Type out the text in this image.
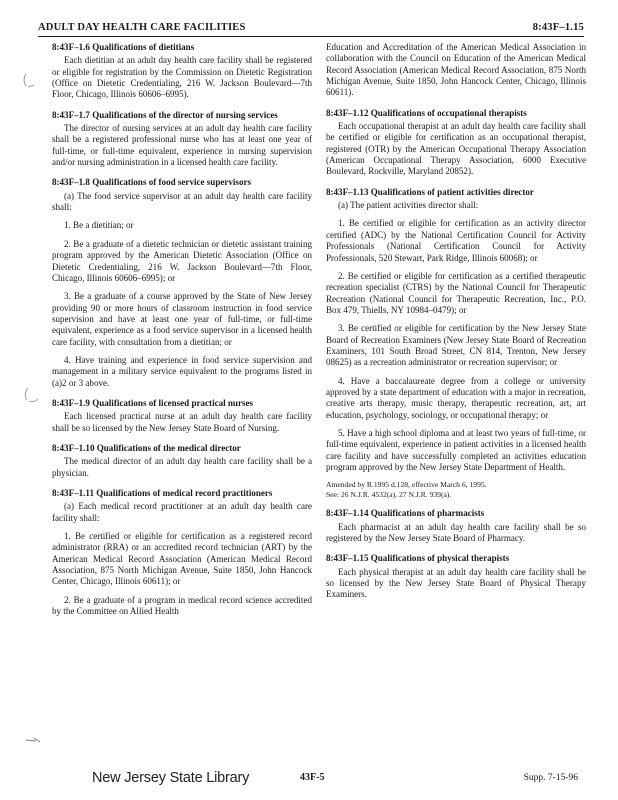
ADULT DAY HEALTH CARE FACILITIES	8:43F–1.15
8:43F–1.6 Qualifications of dietitians
Each dietitian at an adult day health care facility shall be registered or eligible for registration by the Commission on Dietetic Registration (Office on Dietetic Credentialing, 216 W. Jackson Boulevard—7th Floor, Chicago, Illinois 60606–6995).
8:43F–1.7 Qualifications of the director of nursing services
The director of nursing services at an adult day health care facility shall be a registered professional nurse who has at least one year of full-time, or full-time equivalent, experience in nursing supervision and/or nursing administration in a licensed health care facility.
8:43F–1.8 Qualifications of food service supervisors
(a) The food service supervisor at an adult day health care facility shall:
1. Be a dietitian; or
2. Be a graduate of a dietetic technician or dietetic assistant training program approved by the American Dietetic Association (Office on Dietetic Credentialing, 216 W. Jackson Boulevard—7th Floor, Chicago, Illinois 60606–6995); or
3. Be a graduate of a course approved by the State of New Jersey providing 90 or more hours of classroom instruction in food service supervision and have at least one year of full-time, or full-time equivalent, experience as a food service supervisor in a licensed health care facility, with consultation from a dietitian; or
4. Have training and experience in food service supervision and management in a military service equivalent to the programs listed in (a)2 or 3 above.
8:43F–1.9 Qualifications of licensed practical nurses
Each licensed practical nurse at an adult day health care facility shall be so licensed by the New Jersey State Board of Nursing.
8:43F–1.10 Qualifications of the medical director
The medical director of an adult day health care facility shall be a physician.
8:43F–1.11 Qualifications of medical record practitioners
(a) Each medical record practitioner at an adult day health care facility shall:
1. Be certified or eligible for certification as a registered record administrator (RRA) or an accredited record technician (ART) by the American Medical Record Association (American Medical Record Association, 875 North Michigan Avenue, Suite 1850, John Hancock Center, Chicago, Illinois 60611); or
2. Be a graduate of a program in medical record science accredited by the Committee on Allied Health
Education and Accreditation of the American Medical Association in collaboration with the Council on Education of the American Medical Record Association (American Medical Record Association, 875 North Michigan Avenue, Suite 1850, John Hancock Center, Chicago, Illinois 60611).
8:43F–1.12 Qualifications of occupational therapists
Each occupational therapist at an adult day health care facility shall be certified or eligible for certification as an occupational therapist, registered (OTR) by the American Occupational Therapy Association (American Occupational Therapy Association, 6000 Executive Boulevard, Rockville, Maryland 20852).
8:43F–1.13 Qualifications of patient activities director
(a) The patient activities director shall:
1. Be certified or eligible for certification as an activity director certified (ADC) by the National Certification Council for Activity Professionals (National Certification Council for Activity Professionals, 520 Stewart, Park Ridge, Illinois 60068); or
2. Be certified or eligible for certification as a certified therapeutic recreation specialist (CTRS) by the National Council for Therapeutic Recreation (National Council for Therapeutic Recreation, Inc., P.O. Box 479, Thiells, NY 10984–0479); or
3. Be certified or eligible for certification by the New Jersey State Board of Recreation Examiners (New Jersey State Board of Recreation Examiners, 101 South Broad Street, CN 814, Trenton, New Jersey 08625) as a recreation administrator or recreation supervisor; or
4. Have a baccalaureate degree from a college or university approved by a state department of education with a major in recreation, creative arts therapy, music therapy, therapeutic recreation, art, art education, psychology, sociology, or occupational therapy; or
5. Have a high school diploma and at least two years of full-time, or full-time equivalent, experience in patient activities in a licensed health care facility and have successfully completed an activities education program approved by the New Jersey State Department of Health.
Amended by R.1995 d.128, effective March 6, 1995.
See: 26 N.J.R. 4532(a), 27 N.J.R. 939(a).
8:43F–1.14 Qualifications of pharmacists
Each pharmacist at an adult day health care facility shall be so registered by the New Jersey State Board of Pharmacy.
8:43F–1.15 Qualifications of physical therapists
Each physical therapist at an adult day health care facility shall be so licensed by the New Jersey State Board of Physical Therapy Examiners.
New Jersey State Library	43F-5	Supp. 7-15-96
